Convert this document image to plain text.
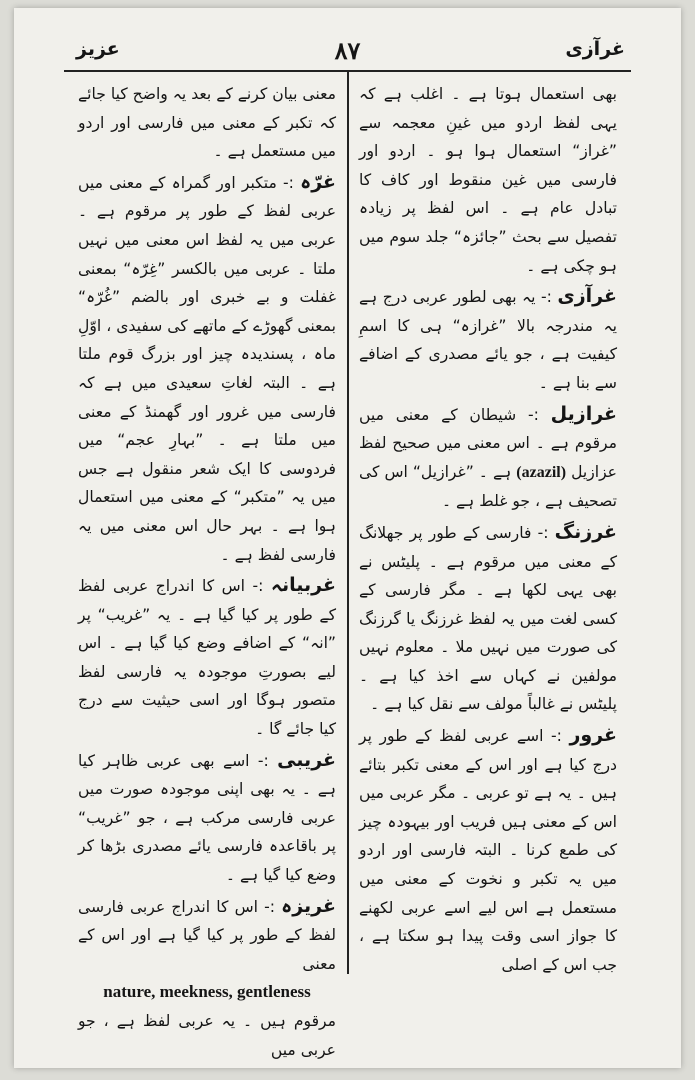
غرآزی
۸۷
عزیز

بھی استعمال ہوتا ہے ۔ اغلب ہے کہ یہی لفظ اردو میں غینِ معجمہ سے ”غراز“ استعمال ہوا ہو ۔ اردو اور فارسی میں غین منقوط اور کاف کا تبادل عام ہے ۔ اس لفظ پر زیادہ تفصیل سے بحث ”جائزہ“ جلد سوم میں ہو چکی ہے ۔

غرآزی :- یہ بھی لطور عربی درج ہے یہ مندرجہ بالا ”غرازہ“ ہی کا اسمِ کیفیت ہے ، جو یائے مصدری کے اضافے سے بنا ہے ۔

غرازیل :- شیطان کے معنی میں مرقوم ہے ۔ اس معنی میں صحیح لفظ عزازیل (azazil) ہے ۔ ”غرازیل“ اس کی تصحیف ہے ، جو غلط ہے ۔

غرزنگ :- فارسی کے طور پر جھلانگ کے معنی میں مرقوم ہے ۔ پلیٹس نے بھی یہی لکھا ہے ۔ مگر فارسی کے کسی لغت میں یہ لفظ غرزنگ یا گرزنگ کی صورت میں نہیں ملا ۔ معلوم نہیں مولفین نے کہاں سے اخذ کیا ہے ۔ پلیٹس نے غالباً مولف سے نقل کیا ہے ۔

غرور :- اسے عربی لفظ کے طور پر درج کیا ہے اور اس کے معنی تکبر بتائے ہیں ۔ یہ ہے تو عربی ۔ مگر عربی میں اس کے معنی ہیں فریب اور بیہودہ چیز کی طمع کرنا ۔ البتہ فارسی اور اردو میں یہ تکبر و نخوت کے معنی میں مستعمل ہے اس لیے اسے عربی لکھنے کا جواز اسی وقت پیدا ہو سکتا ہے ، جب اس کے اصلی

معنی بیان کرنے کے بعد یہ واضح کیا جائے کہ تکبر کے معنی میں فارسی اور اردو میں مستعمل ہے ۔

غرّہ :- متکبر اور گمراہ کے معنی میں عربی لفظ کے طور پر مرقوم ہے ۔ عربی میں یہ لفظ اس معنی میں نہیں ملتا ۔ عربی میں بالکسر ”غِرّہ“ بمعنی غفلت و بے خبری اور بالضم ”غُرّہ“ بمعنی گھوڑے کے ماتھے کی سفیدی ، اوّلِ ماہ ، پسندیدہ چیز اور بزرگ قوم ملتا ہے ۔ البتہ لغاتِ سعیدی میں ہے کہ فارسی میں غرور اور گھمنڈ کے معنی میں ملتا ہے ۔ ”بہارِ عجم“ میں فردوسی کا ایک شعر منقول ہے جس میں یہ ”متکبر“ کے معنی میں استعمال ہوا ہے ۔ بہر حال اس معنی میں یہ فارسی لفظ ہے ۔

غربیانہ :- اس کا اندراج عربی لفظ کے طور پر کیا گیا ہے ۔ یہ ”غریب“ پر ”انہ“ کے اضافے وضع کیا گیا ہے ۔ اس لیے بصورتِ موجودہ یہ فارسی لفظ متصور ہوگا اور اسی حیثیت سے درج کیا جائے گا ۔

غریبی :- اسے بھی عربی ظاہر کیا ہے ۔ یہ بھی اپنی موجودہ صورت میں عربی فارسی مرکب ہے ، جو ”غریب“ پر باقاعدہ فارسی یائے مصدری بڑھا کر وضع کیا گیا ہے ۔

غریزہ :- اس کا اندراج عربی فارسی لفظ کے طور پر کیا گیا ہے اور اس کے معنی
nature, meekness, gentleness
مرقوم ہیں ۔ یہ عربی لفظ ہے ، جو عربی میں
